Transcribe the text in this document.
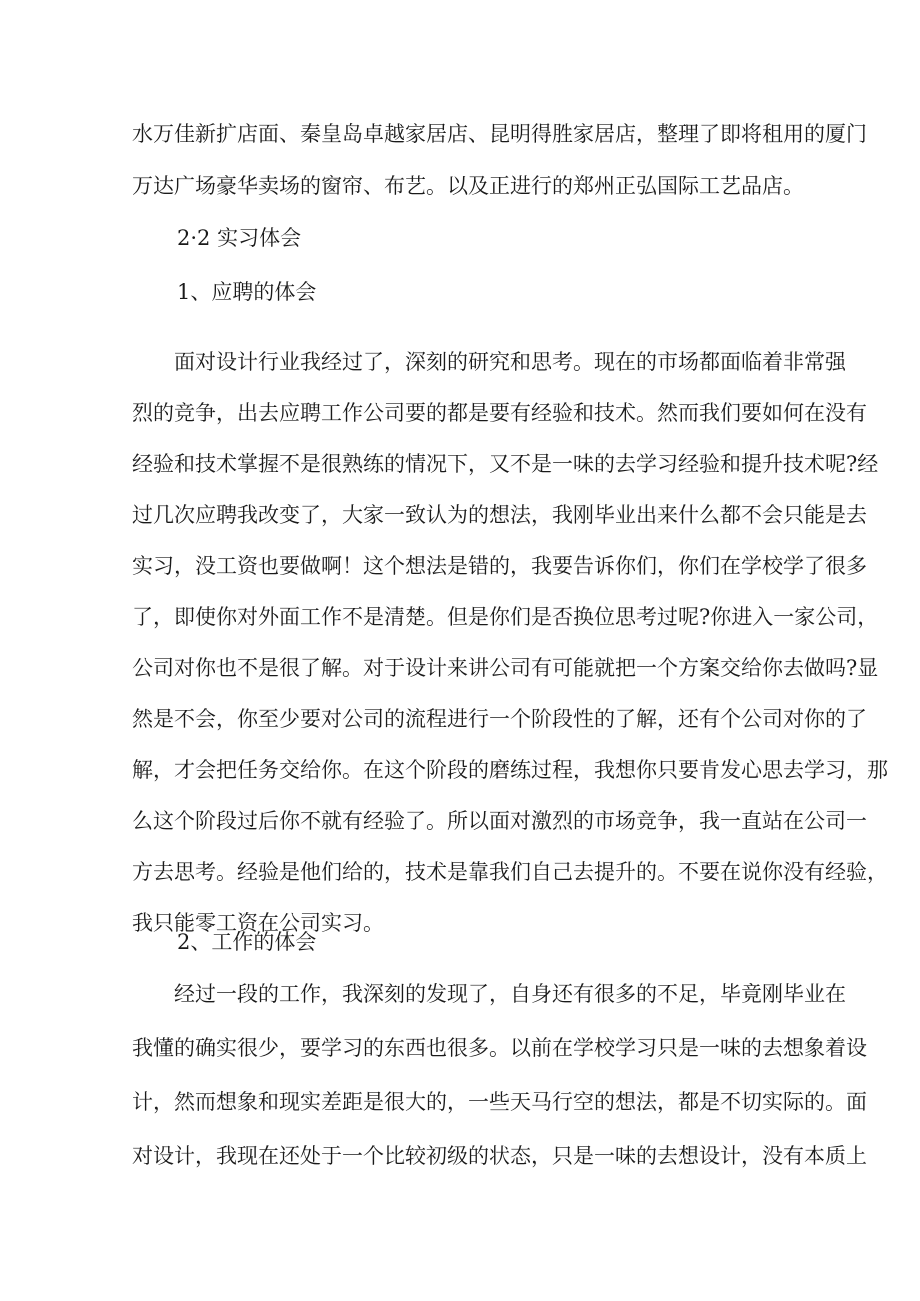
水万佳新扩店面、秦皇岛卓越家居店、昆明得胜家居店，整理了即将租用的厦门
万达广场豪华卖场的窗帘、布艺。以及正进行的郑州正弘国际工艺品店。
2·2 实习体会
1、应聘的体会
面对设计行业我经过了，深刻的研究和思考。现在的市场都面临着非常强
烈的竞争，出去应聘工作公司要的都是要有经验和技术。然而我们要如何在没有
经验和技术掌握不是很熟练的情况下，又不是一味的去学习经验和提升技术呢?经
过几次应聘我改变了，大家一致认为的想法，我刚毕业出来什么都不会只能是去
实习，没工资也要做啊！这个想法是错的，我要告诉你们，你们在学校学了很多
了，即使你对外面工作不是清楚。但是你们是否换位思考过呢?你进入一家公司，
公司对你也不是很了解。对于设计来讲公司有可能就把一个方案交给你去做吗?显
然是不会，你至少要对公司的流程进行一个阶段性的了解，还有个公司对你的了
解，才会把任务交给你。在这个阶段的磨练过程，我想你只要肯发心思去学习，那
么这个阶段过后你不就有经验了。所以面对激烈的市场竞争，我一直站在公司一
方去思考。经验是他们给的，技术是靠我们自己去提升的。不要在说你没有经验，
我只能零工资在公司实习。
2、工作的体会
经过一段的工作，我深刻的发现了，自身还有很多的不足，毕竟刚毕业在
我懂的确实很少，要学习的东西也很多。以前在学校学习只是一味的去想象着设
计，然而想象和现实差距是很大的，一些天马行空的想法，都是不切实际的。面
对设计，我现在还处于一个比较初级的状态，只是一味的去想设计，没有本质上
